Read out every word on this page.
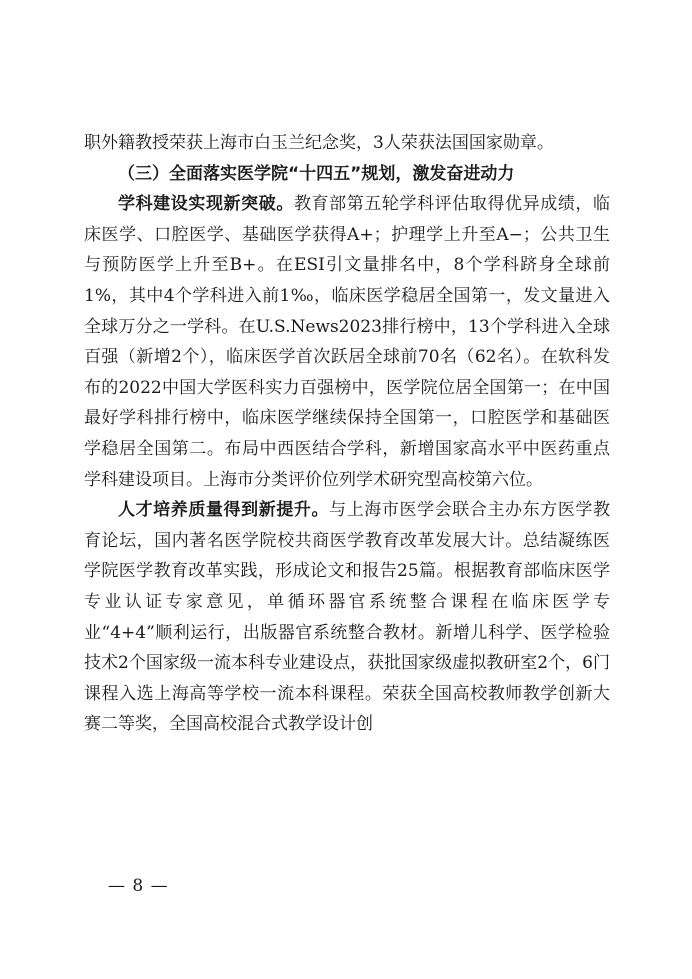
职外籍教授荣获上海市白玉兰纪念奖，3人荣获法国国家勋章。

（三）全面落实医学院“十四五”规划，激发奋进动力

学科建设实现新突破。教育部第五轮学科评估取得优异成绩，临床医学、口腔医学、基础医学获得A+；护理学上升至A−；公共卫生与预防医学上升至B+。在ESI引文量排名中，8个学科跻身全球前1%，其中4个学科进入前1‰，临床医学稳居全国第一，发文量进入全球万分之一学科。在U.S.News2023排行榜中，13个学科进入全球百强（新增2个），临床医学首次跃居全球前70名（62名）。在软科发布的2022中国大学医科实力百强榜中，医学院位居全国第一；在中国最好学科排行榜中，临床医学继续保持全国第一，口腔医学和基础医学稳居全国第二。布局中西医结合学科，新增国家高水平中医药重点学科建设项目。上海市分类评价位列学术研究型高校第六位。

人才培养质量得到新提升。与上海市医学会联合主办东方医学教育论坛，国内著名医学院校共商医学教育改革发展大计。总结凝练医学院医学教育改革实践，形成论文和报告25篇。根据教育部临床医学专业认证专家意见，单循环器官系统整合课程在临床医学专业“4+4”顺利运行，出版器官系统整合教材。新增儿科学、医学检验技术2个国家级一流本科专业建设点，获批国家级虚拟教研室2个，6门课程入选上海高等学校一流本科课程。荣获全国高校教师教学创新大赛二等奖，全国高校混合式教学设计创

— 8 —
